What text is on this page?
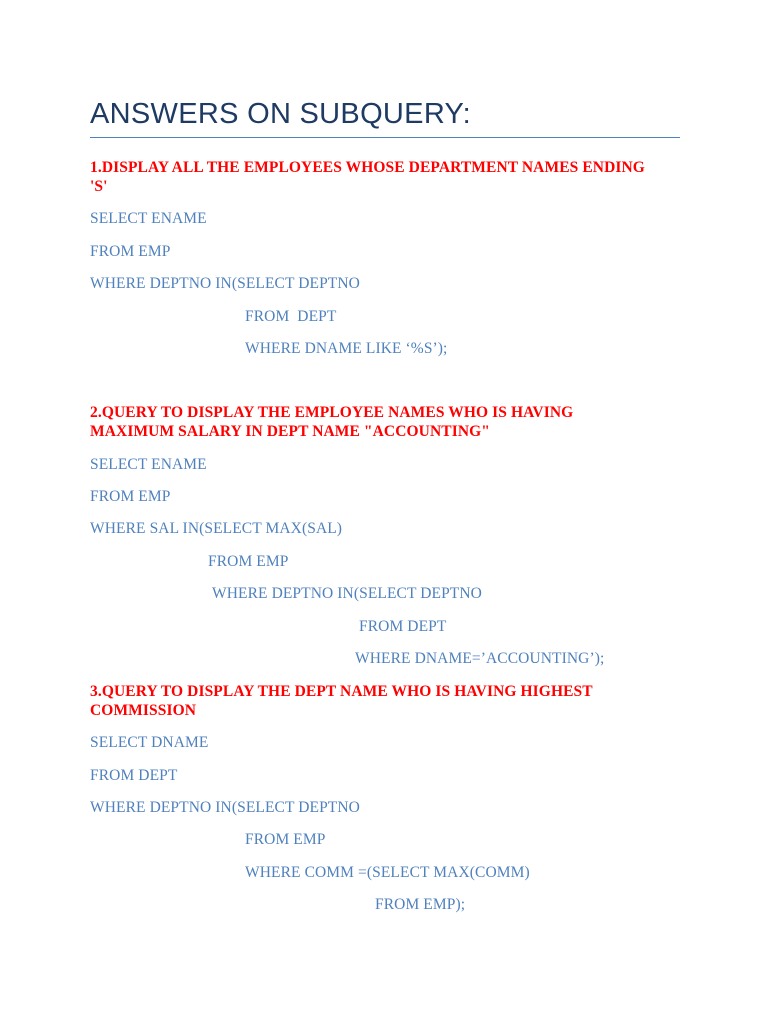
ANSWERS ON SUBQUERY:

1.DISPLAY ALL THE EMPLOYEES WHOSE DEPARTMENT NAMES ENDING

'S'

SELECT ENAME

FROM EMP

WHERE DEPTNO IN(SELECT DEPTNO

FROM  DEPT

WHERE DNAME LIKE ‘%S’);

2.QUERY TO DISPLAY THE EMPLOYEE NAMES WHO IS HAVING

MAXIMUM SALARY IN DEPT NAME "ACCOUNTING"

SELECT ENAME

FROM EMP

WHERE SAL IN(SELECT MAX(SAL)

FROM EMP

WHERE DEPTNO IN(SELECT DEPTNO

FROM DEPT

WHERE DNAME=’ACCOUNTING’);

3.QUERY TO DISPLAY THE DEPT NAME WHO IS HAVING HIGHEST

COMMISSION

SELECT DNAME

FROM DEPT

WHERE DEPTNO IN(SELECT DEPTNO

FROM EMP

WHERE COMM =(SELECT MAX(COMM)

FROM EMP);
